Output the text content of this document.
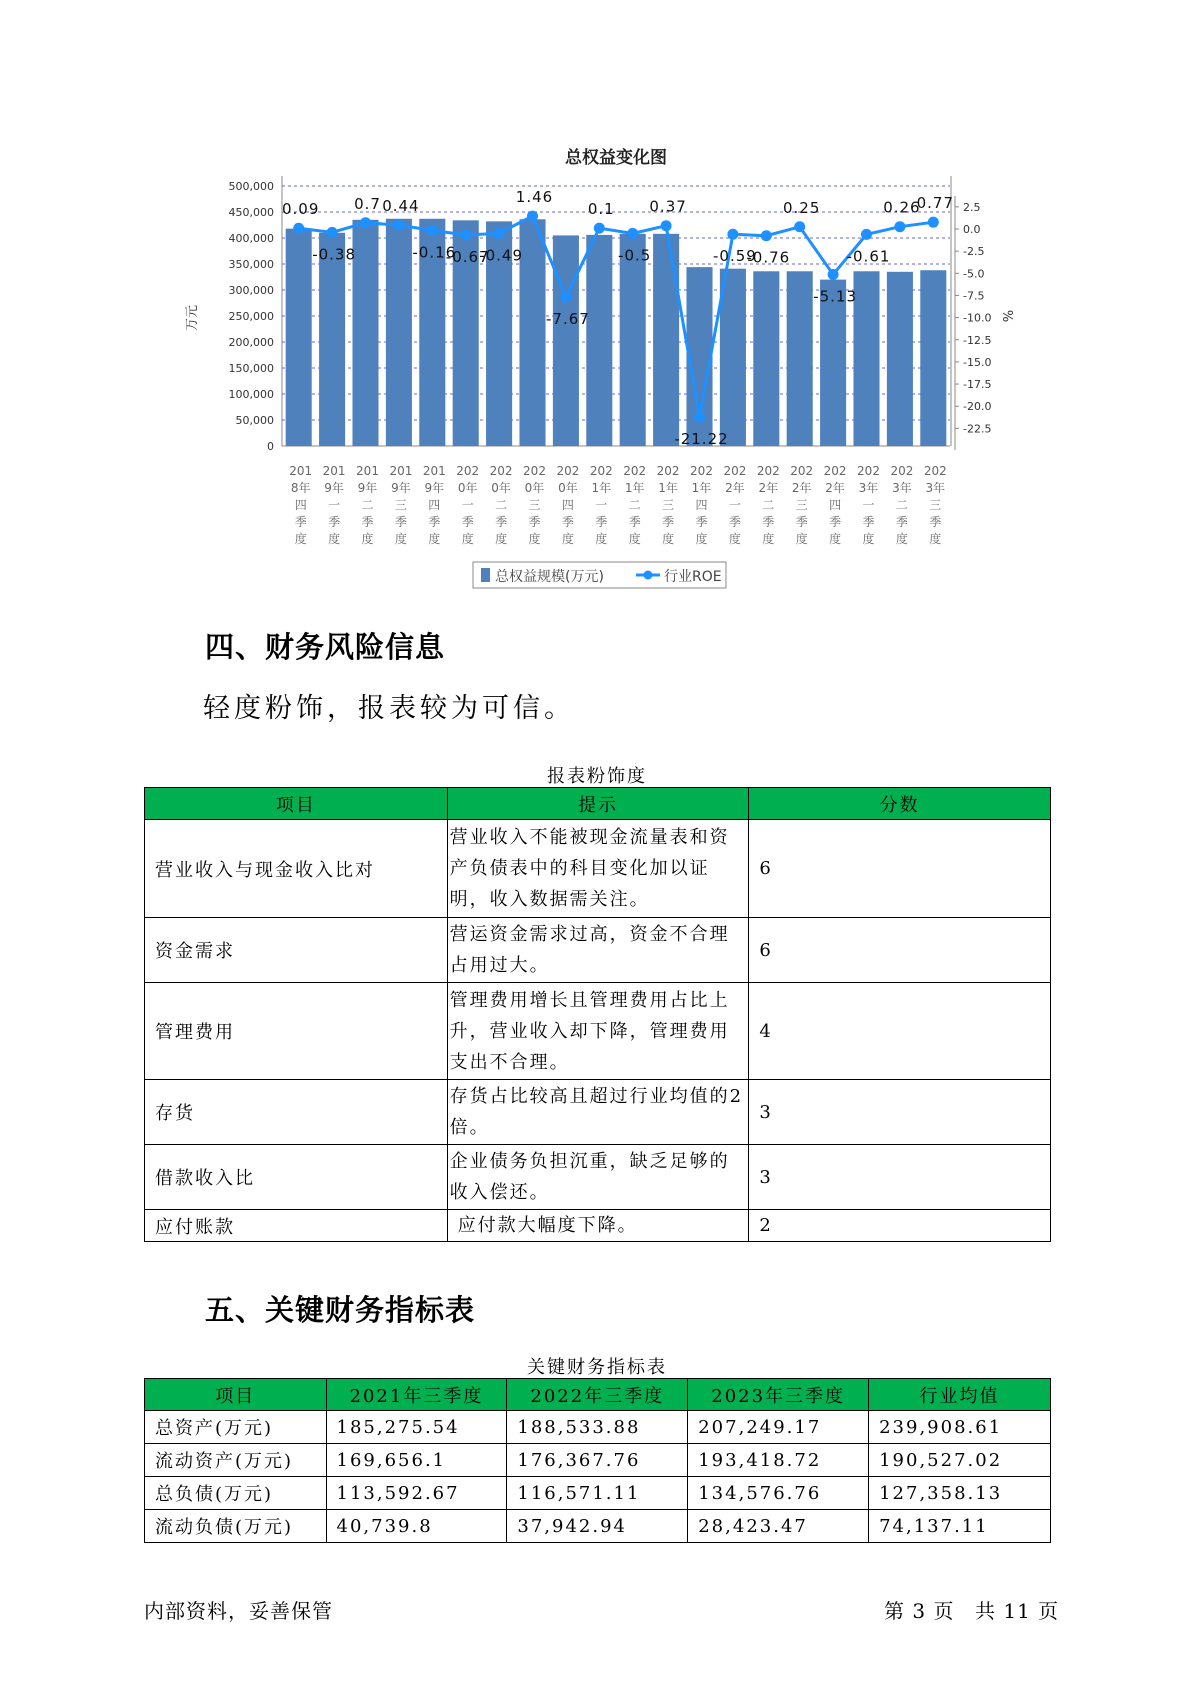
总权益变化图
500,000
450,000
400,000
350,000
300,000
250,000
200,000
150,000
100,000
50,000
0
万元
2.5
0.0
-2.5
-5.0
-7.5
-10.0
-12.5
-15.0
-17.5
-20.0
-22.5
%
201
8年
四
季
度
201
9年
一
季
度
201
9年
二
季
度
201
9年
三
季
度
201
9年
四
季
度
202
0年
一
季
度
202
0年
二
季
度
202
0年
三
季
度
202
0年
四
季
度
202
1年
一
季
度
202
1年
二
季
度
202
1年
三
季
度
202
1年
四
季
度
202
2年
一
季
度
202
2年
二
季
度
202
2年
三
季
度
202
2年
四
季
度
202
3年
一
季
度
202
3年
二
季
度
202
3年
三
季
度
0.09
-0.38
0.7 0.44
-0.16
-0.67
-0.49
1.46
-7.67
0.1
-0.5
0.37
-21.22
-0.59
-0.76
0.25
-5.13
-0.61
0.26
0.77
总权益规模(万元)	行业ROE
四、财务风险信息
轻度粉饰，报表较为可信。
报表粉饰度
项目	提示	分数
营业收入与现金收入比对	营业收入不能被现金流量表和资产负债表中的科目变化加以证明，收入数据需关注。	6
资金需求	营运资金需求过高，资金不合理占用过大。	6
管理费用	管理费用增长且管理费用占比上升，营业收入却下降，管理费用支出不合理。	4
存货	存货占比较高且超过行业均值的2倍。	3
借款收入比	企业债务负担沉重，缺乏足够的收入偿还。	3
应付账款	应付款大幅度下降。	2
五、关键财务指标表
关键财务指标表
项目	2021年三季度	2022年三季度	2023年三季度	行业均值
总资产(万元)	185,275.54	188,533.88	207,249.17	239,908.61
流动资产(万元)	169,656.1	176,367.76	193,418.72	190,527.02
总负债(万元)	113,592.67	116,571.11	134,576.76	127,358.13
流动负债(万元)	40,739.8	37,942.94	28,423.47	74,137.11
内部资料，妥善保管	第 3 页 共 11 页
